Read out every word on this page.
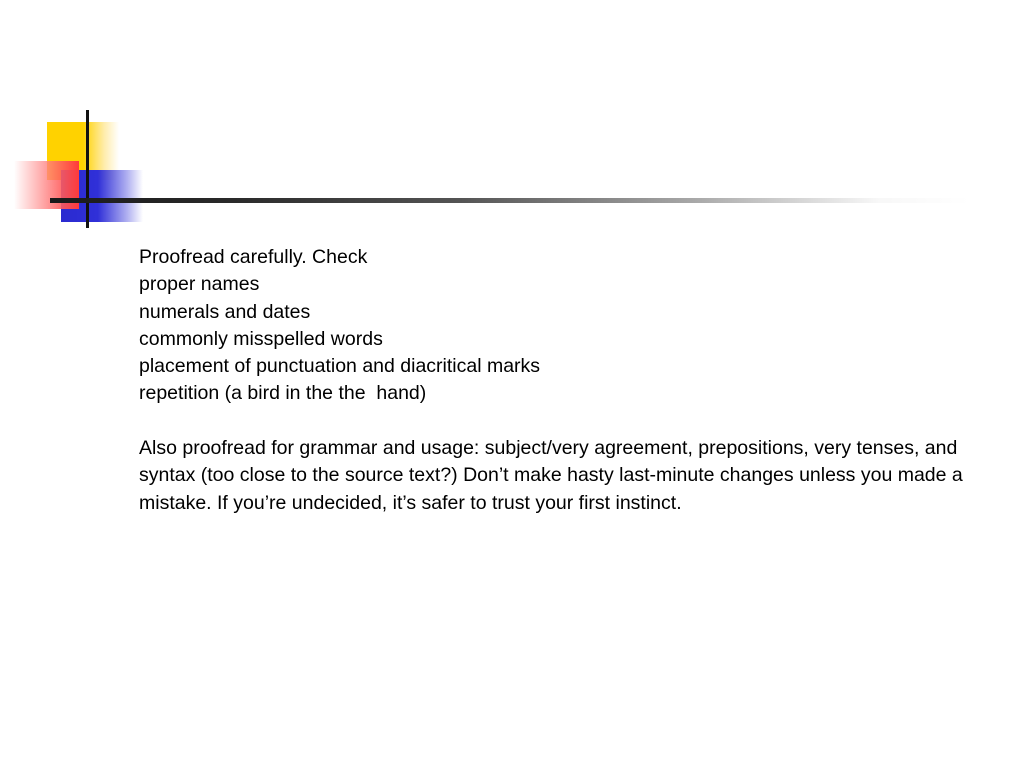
Proofread carefully. Check
proper names
numerals and dates
commonly misspelled words
placement of punctuation and diacritical marks
repetition (a bird in the the  hand)

Also proofread for grammar and usage: subject/very agreement, prepositions, very tenses, and syntax (too close to the source text?) Don’t make hasty last-minute changes unless you made a mistake. If you’re undecided, it’s safer to trust your first instinct.
